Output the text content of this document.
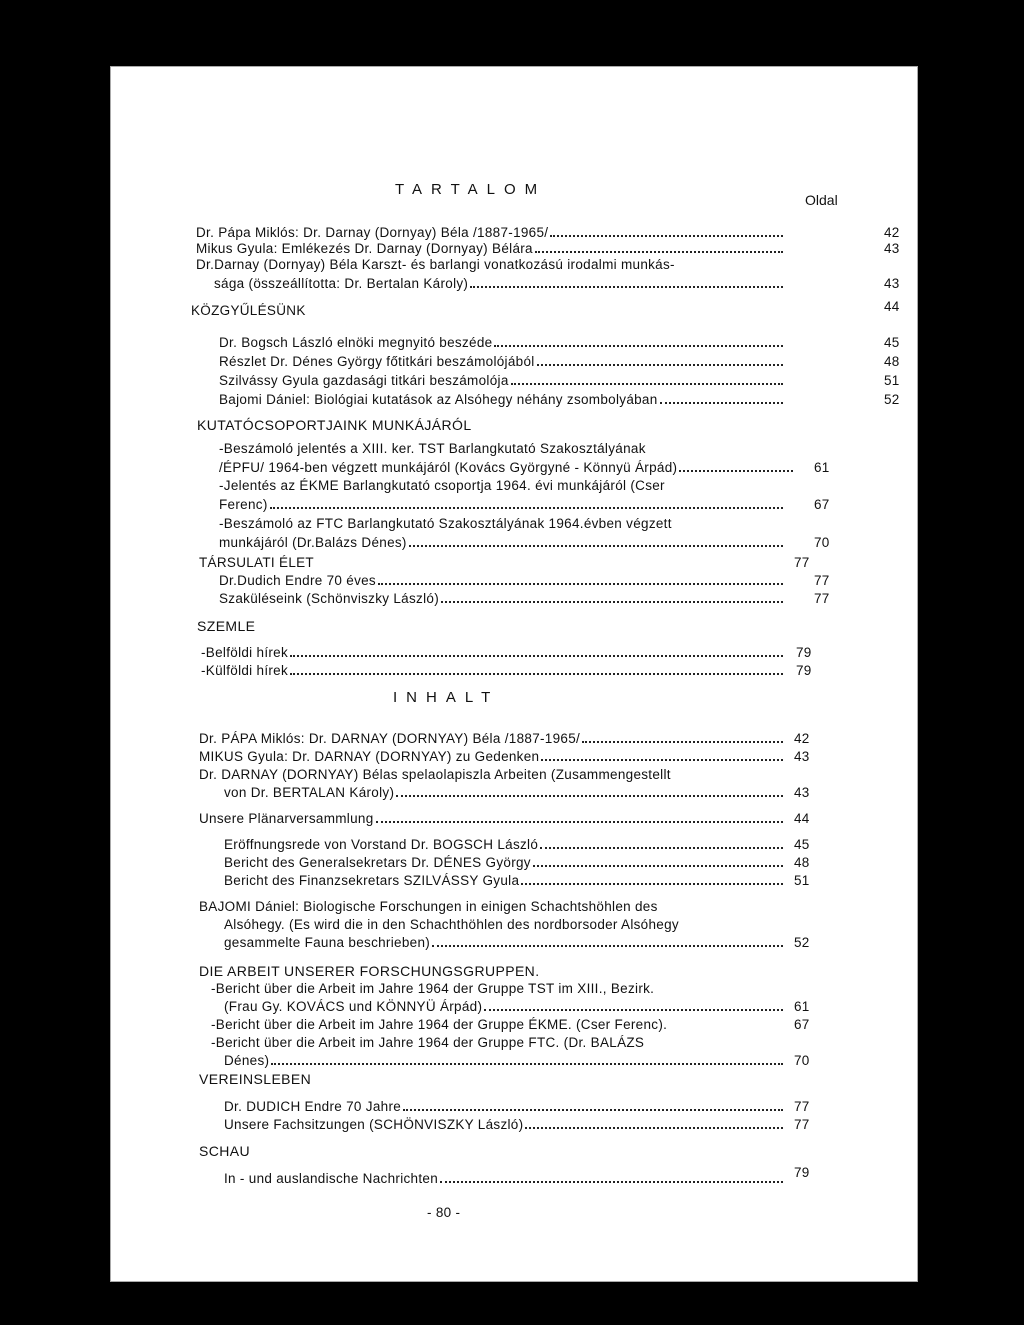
TARTALOM
Oldal
Dr. Pápa Miklós: Dr. Darnay (Dornyay) Béla /1887-1965/	42
Mikus Gyula: Emlékezés Dr. Darnay (Dornyay) Bélára	43
Dr.Darnay (Dornyay) Béla Karszt- és barlangi vonatkozású irodalmi munkás-
sága (összeállította: Dr. Bertalan Károly)	43
KÖZGYŰLÉSÜNK	44
Dr. Bogsch László elnöki megnyitó beszéde	45
Részlet Dr. Dénes György főtitkári beszámolójából	48
Szilvássy Gyula gazdasági titkári beszámolója	51
Bajomi Dániel: Biológiai kutatások az Alsóhegy néhány zsombolyában	52
KUTATÓCSOPORTJAINK MUNKÁJÁRÓL
-Beszámoló jelentés a XIII. ker. TST Barlangkutató Szakosztályának
/ÉPFU/ 1964-ben végzett munkájáról (Kovács Györgyné - Könnyü Árpád)	61
-Jelentés az ÉKME Barlangkutató csoportja 1964. évi munkájáról (Cser
Ferenc)	67
-Beszámoló az FTC Barlangkutató Szakosztályának 1964.évben végzett
munkájáról (Dr.Balázs Dénes)	70
TÁRSULATI ÉLET	77
Dr.Dudich Endre 70 éves	77
Szaküléseink (Schönviszky László)	77
SZEMLE
-Belföldi hírek	79
-Külföldi hírek	79
INHALT
Dr. PÁPA Miklós: Dr. DARNAY (DORNYAY) Béla /1887-1965/	42
MIKUS Gyula: Dr. DARNAY (DORNYAY) zu Gedenken	43
Dr. DARNAY (DORNYAY) Bélas spelaolapiszla Arbeiten (Zusammengestellt
von Dr. BERTALAN Károly)	43
Unsere Plänarversammlung	44
Eröffnungsrede von Vorstand Dr. BOGSCH László	45
Bericht des Generalsekretars Dr. DÉNES György	48
Bericht des Finanzsekretars SZILVÁSSY Gyula	51
BAJOMI Dániel: Biologische Forschungen in einigen Schachtshöhlen des
Alsóhegy. (Es wird die in den Schachthöhlen des nordborsoder Alsóhegy
gesammelte Fauna beschrieben)	52
DIE ARBEIT UNSERER FORSCHUNGSGRUPPEN.
-Bericht über die Arbeit im Jahre 1964 der Gruppe TST im XIII., Bezirk.
(Frau Gy. KOVÁCS und KÖNNYÜ Árpád)	61
-Bericht über die Arbeit im Jahre 1964 der Gruppe ÉKME. (Cser Ferenc).	67
-Bericht über die Arbeit im Jahre 1964 der Gruppe FTC. (Dr. BALÁZS
Dénes)	70
VEREINSLEBEN
Dr. DUDICH Endre 70 Jahre	77
Unsere Fachsitzungen (SCHÖNVISZKY László)	77
SCHAU
In - und auslandische Nachrichten	79
- 80 -
